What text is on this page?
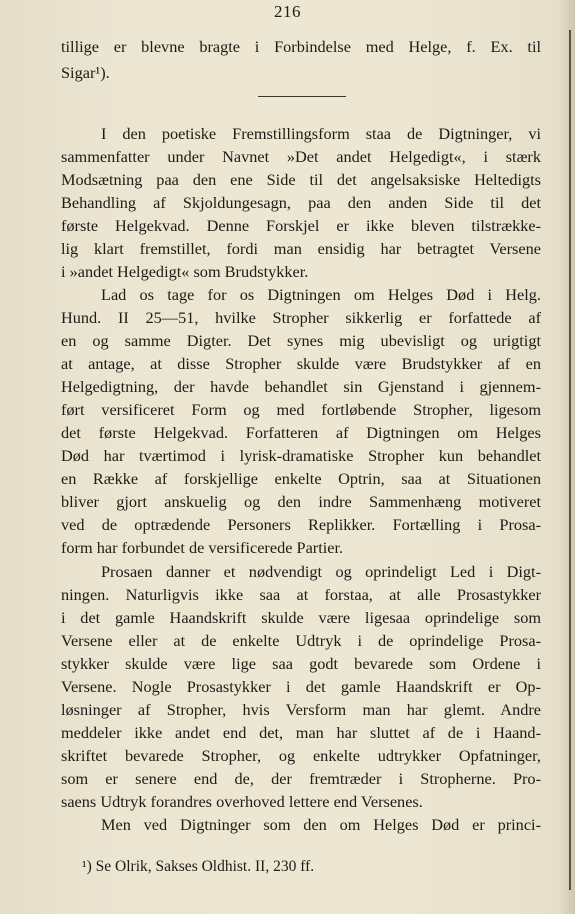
216
tillige er blevne bragte i Forbindelse med Helge, f. Ex. til
Sigar¹).
I den poetiske Fremstillingsform staa de Digtninger, vi
sammenfatter under Navnet »Det andet Helgedigt«, i stærk
Modsætning paa den ene Side til det angelsaksiske Heltedigts
Behandling af Skjoldungesagn, paa den anden Side til det
første Helgekvad. Denne Forskjel er ikke bleven tilstrække-
lig klart fremstillet, fordi man ensidig har betragtet Versene
i »andet Helgedigt« som Brudstykker.
Lad os tage for os Digtningen om Helges Død i Helg.
Hund. II 25—51, hvilke Stropher sikkerlig er forfattede af
en og samme Digter. Det synes mig ubevisligt og urigtigt
at antage, at disse Stropher skulde være Brudstykker af en
Helgedigtning, der havde behandlet sin Gjenstand i gjennem-
ført versificeret Form og med fortløbende Stropher, ligesom
det første Helgekvad. Forfatteren af Digtningen om Helges
Død har tværtimod i lyrisk-dramatiske Stropher kun behandlet
en Række af forskjellige enkelte Optrin, saa at Situationen
bliver gjort anskuelig og den indre Sammenhæng motiveret
ved de optrædende Personers Replikker. Fortælling i Prosa-
form har forbundet de versificerede Partier.
Prosaen danner et nødvendigt og oprindeligt Led i Digt-
ningen. Naturligvis ikke saa at forstaa, at alle Prosastykker
i det gamle Haandskrift skulde være ligesaa oprindelige som
Versene eller at de enkelte Udtryk i de oprindelige Prosa-
stykker skulde være lige saa godt bevarede som Ordene i
Versene. Nogle Prosastykker i det gamle Haandskrift er Op-
løsninger af Stropher, hvis Versform man har glemt. Andre
meddeler ikke andet end det, man har sluttet af de i Haand-
skriftet bevarede Stropher, og enkelte udtrykker Opfatninger,
som er senere end de, der fremtræder i Stropherne. Pro-
saens Udtryk forandres overhoved lettere end Versenes.
Men ved Digtninger som den om Helges Død er princi-
¹) Se Olrik, Sakses Oldhist. II, 230 ff.
